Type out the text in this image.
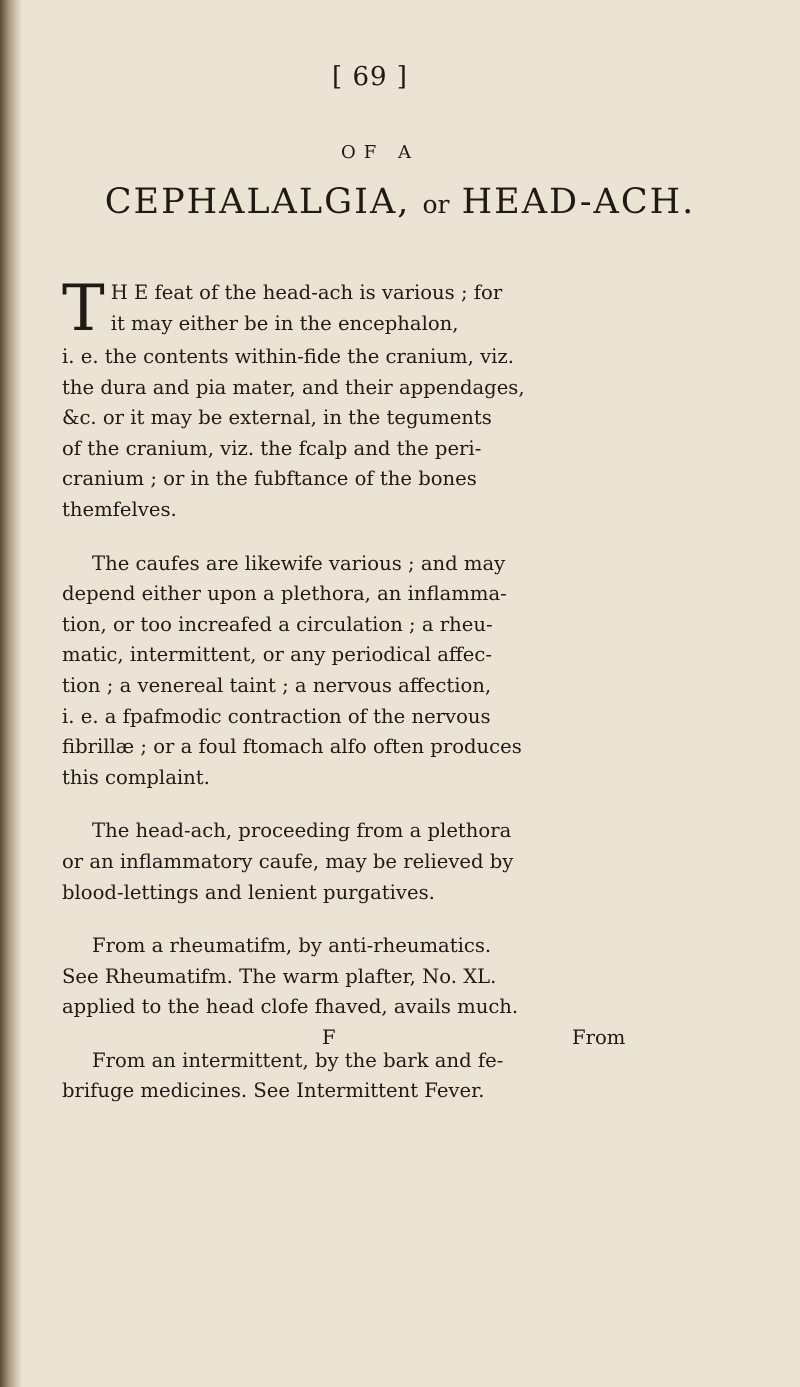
[ 69 ]
OF A
CEPHALALGIA, or HEAD-ACH.

T H E feat of the head-ach is various ; for
it may either be in the encephalon,
i. e. the contents within-fide the cranium, viz.
the dura and pia mater, and their appendages,
&c. or it may be external, in the teguments
of the cranium, viz. the fcalp and the peri-
cranium ; or in the fubftance of the bones
themfelves.

The caufes are likewife various ; and may
depend either upon a plethora, an inflamma-
tion, or too increafed a circulation ; a rheu-
matic, intermittent, or any periodical affec-
tion ; a venereal taint ; a nervous affection,
i. e. a fpafmodic contraction of the nervous
fibrillæ ; or a foul ftomach alfo often produces
this complaint.

The head-ach, proceeding from a plethora
or an inflammatory caufe, may be relieved by
blood-lettings and lenient purgatives.

From a rheumatifm, by anti-rheumatics.
See Rheumatifm. The warm plafter, No. XL.
applied to the head clofe fhaved, avails much.

From an intermittent, by the bark and fe-
brifuge medicines. See Intermittent Fever.

F	From
